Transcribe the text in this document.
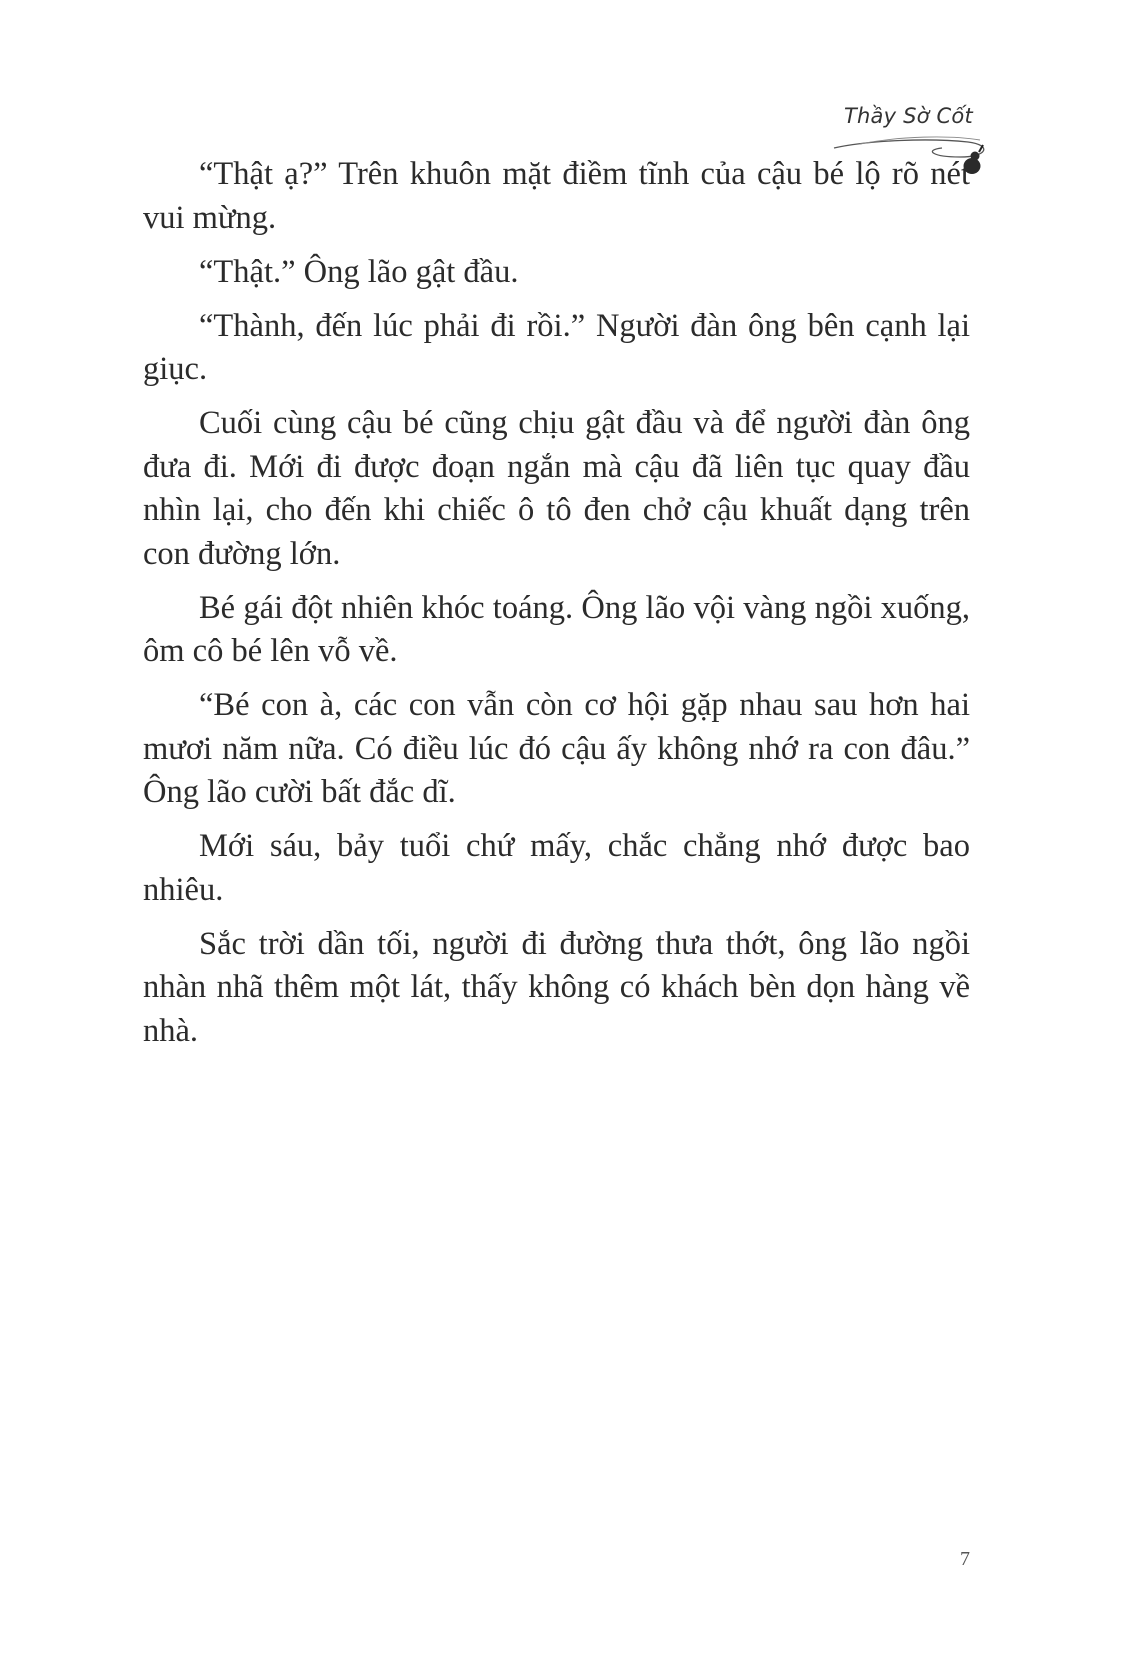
Thầy Sờ Cốt

“Thật ạ?” Trên khuôn mặt điềm tĩnh của cậu bé lộ rõ nét vui mừng.

“Thật.” Ông lão gật đầu.

“Thành, đến lúc phải đi rồi.” Người đàn ông bên cạnh lại giục.

Cuối cùng cậu bé cũng chịu gật đầu và để người đàn ông đưa đi. Mới đi được đoạn ngắn mà cậu đã liên tục quay đầu nhìn lại, cho đến khi chiếc ô tô đen chở cậu khuất dạng trên con đường lớn.

Bé gái đột nhiên khóc toáng. Ông lão vội vàng ngồi xuống, ôm cô bé lên vỗ về.

“Bé con à, các con vẫn còn cơ hội gặp nhau sau hơn hai mươi năm nữa. Có điều lúc đó cậu ấy không nhớ ra con đâu.” Ông lão cười bất đắc dĩ.

Mới sáu, bảy tuổi chứ mấy, chắc chẳng nhớ được bao nhiêu.

Sắc trời dần tối, người đi đường thưa thớt, ông lão ngồi nhàn nhã thêm một lát, thấy không có khách bèn dọn hàng về nhà.

7
